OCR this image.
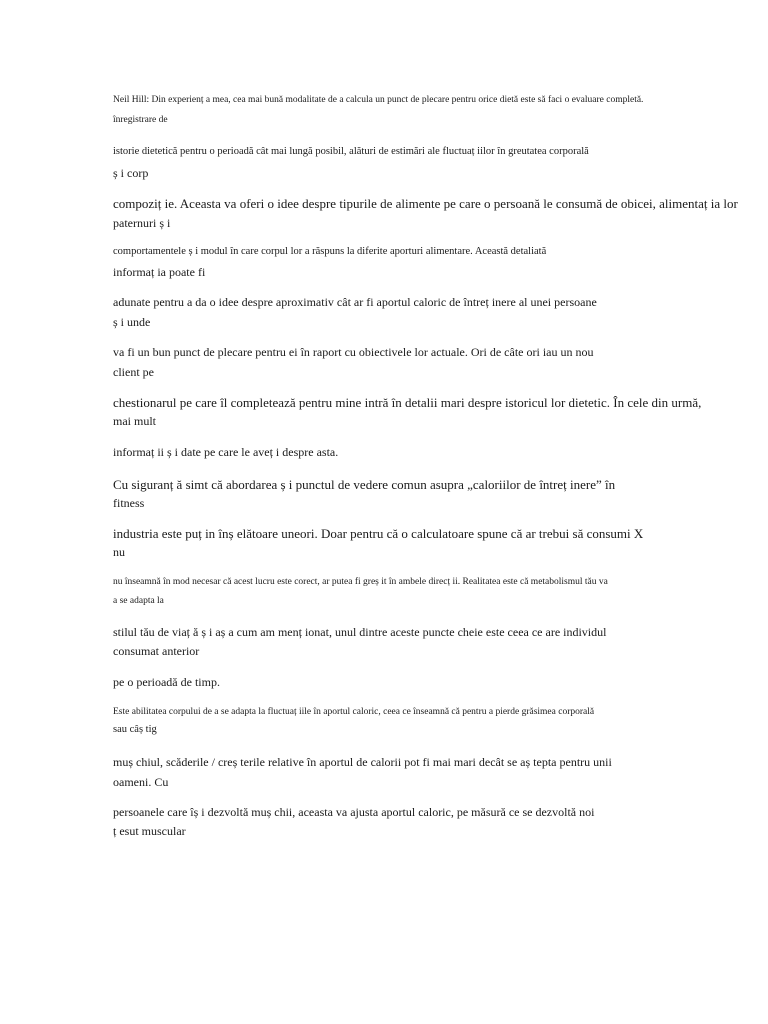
Neil Hill: Din experienț a mea, cea mai bună modalitate de a calcula un punct de plecare pentru orice dietă este să faci o evaluare completă.
înregistrare de
istorie dietetică pentru o perioadă cât mai lungă posibil, alături de estimări ale fluctuaț iilor în greutatea corporală
ș i corp
compoziț ie. Aceasta va oferi o idee despre tipurile de alimente pe care o persoană le consumă de obicei, alimentaț ia lor
paternuri ș i
comportamentele ș i modul în care corpul lor a răspuns la diferite aporturi alimentare. Această detaliată
informaț ia poate fi
adunate pentru a da o idee despre aproximativ cât ar fi aportul caloric de întreț inere al unei persoane
ș i unde
va fi un bun punct de plecare pentru ei în raport cu obiectivele lor actuale. Ori de câte ori iau un nou
client pe
chestionarul pe care îl completează pentru mine intră în detalii mari despre istoricul lor dietetic. În cele din urmă,
mai mult
informaț ii ș i date pe care le aveț i despre asta.
Cu siguranț ă simt că abordarea ș i punctul de vedere comun asupra „caloriilor de întreț inere” în
fitness
industria este puț in înș elătoare uneori. Doar pentru că o calculatoare spune că ar trebui să consumi X
nu
nu înseamnă în mod necesar că acest lucru este corect, ar putea fi greș it în ambele direcț ii. Realitatea este că metabolismul tău va
a se adapta la
stilul tău de viaț ă ș i aș a cum am menț ionat, unul dintre aceste puncte cheie este ceea ce are individul
consumat anterior
pe o perioadă de timp.
Este abilitatea corpului de a se adapta la fluctuaț iile în aportul caloric, ceea ce înseamnă că pentru a pierde grăsimea corporală
sau câș tig
muș chiul, scăderile / creș terile relative în aportul de calorii pot fi mai mari decât se aș tepta pentru unii
oameni. Cu
persoanele care îș i dezvoltă muș chii, aceasta va ajusta aportul caloric, pe măsură ce se dezvoltă noi
ț esut muscular
